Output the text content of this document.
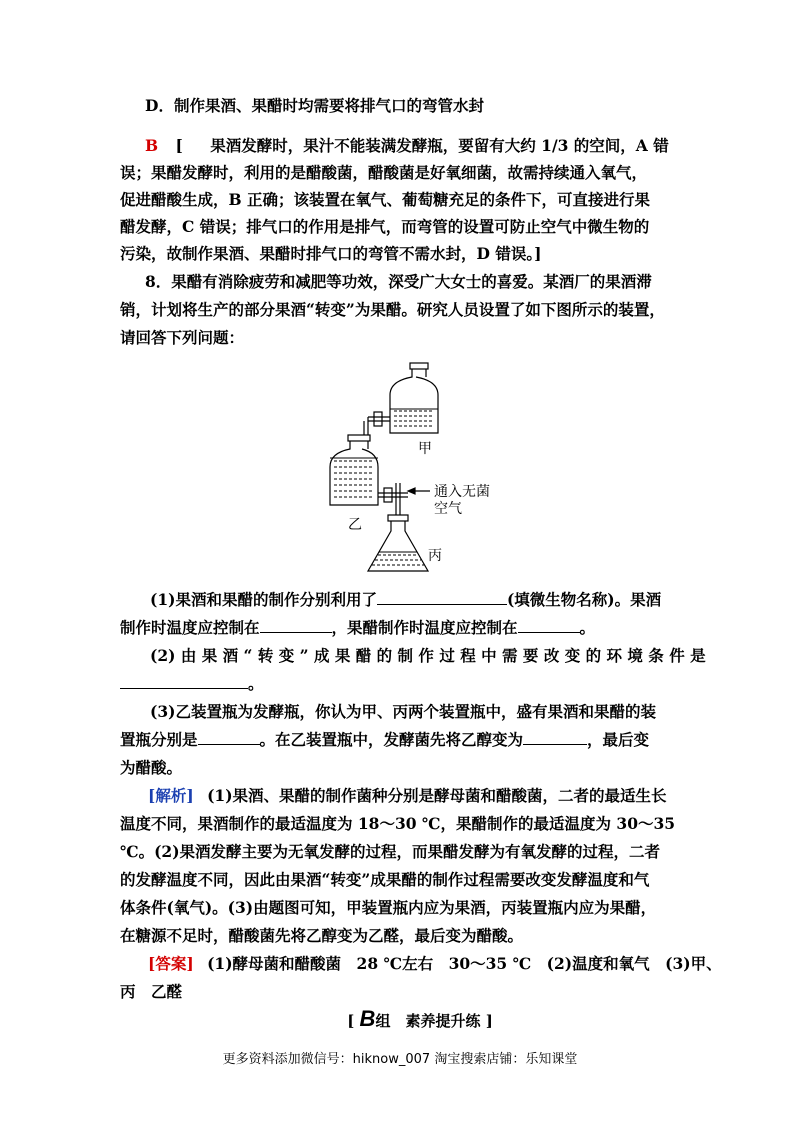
D．制作果酒、果醋时均需要将排气口的弯管水封
B [ 果酒发酵时，果汁不能装满发酵瓶，要留有大约 1/3 的空间，A 错
误；果醋发酵时，利用的是醋酸菌，醋酸菌是好氧细菌，故需持续通入氧气，
促进醋酸生成，B 正确；该装置在氧气、葡萄糖充足的条件下，可直接进行果
醋发酵，C 错误；排气口的作用是排气，而弯管的设置可防止空气中微生物的
污染，故制作果酒、果醋时排气口的弯管不需水封，D 错误。]
8．果醋有消除疲劳和减肥等功效，深受广大女士的喜爱。某酒厂的果酒滞
销，计划将生产的部分果酒“转变”为果醋。研究人员设置了如下图所示的装置，
请回答下列问题：
甲
乙
丙
通入无菌
空气
(1)果酒和果醋的制作分别利用了	(填微生物名称)。果酒
制作时温度应控制在	，果醋制作时温度应控制在	。
(2) 由 果 酒 “ 转 变 ” 成 果 醋 的 制 作 过 程 中 需 要 改 变 的 环 境 条 件 是
。
(3)乙装置瓶为发酵瓶，你认为甲、丙两个装置瓶中，盛有果酒和果醋的装
置瓶分别是	。在乙装置瓶中，发酵菌先将乙醇变为	，最后变
为醋酸。
[解析] (1)果酒、果醋的制作菌种分别是酵母菌和醋酸菌，二者的最适生长
温度不同，果酒制作的最适温度为 18～30 ℃，果醋制作的最适温度为 30～35
℃。(2)果酒发酵主要为无氧发酵的过程，而果醋发酵为有氧发酵的过程，二者
的发酵温度不同，因此由果酒“转变”成果醋的制作过程需要改变发酵温度和气
体条件(氧气)。(3)由题图可知，甲装置瓶内应为果酒，丙装置瓶内应为果醋，
在糖源不足时，醋酸菌先将乙醇变为乙醛，最后变为醋酸。
[答案] (1)酵母菌和醋酸菌　28 ℃左右　30～35 ℃　(2)温度和氧气　(3)甲、
丙　乙醛
[ B组　素养提升练 ]
更多资料添加微信号：hiknow_007 淘宝搜索店铺：乐知课堂
